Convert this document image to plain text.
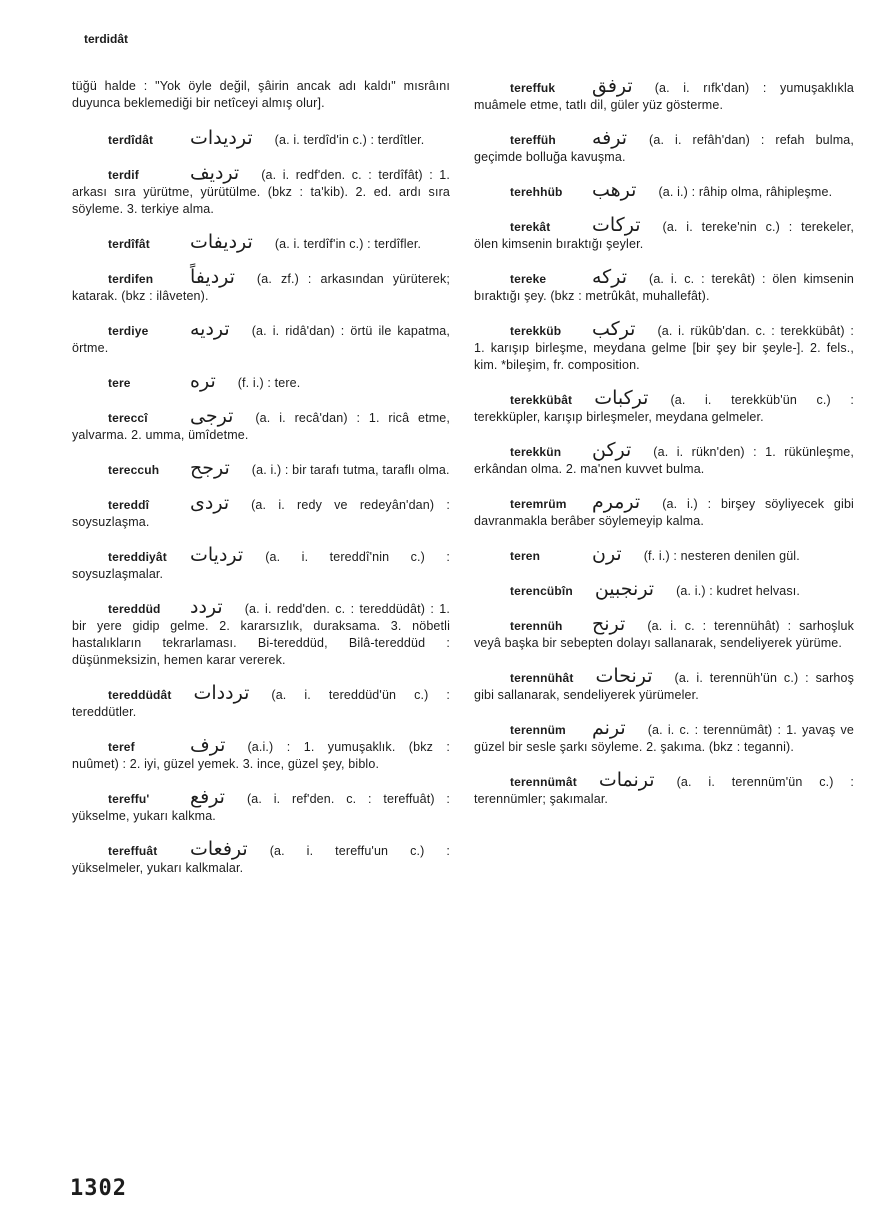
terdidât
tüğü halde : "Yok öyle değil, şâirin ancak adı kaldı" mısrâını duyunca beklemediği bir netîceyi almış olur].
terdîdât ترديدات (a. i. terdîd'in c.) : terdîtler.
terdif	ترديف (a. i. redf'den. c. : terdîfât) : 1. arkası sıra yürütme, yürütülme. (bkz : ta'kib). 2. ed. ardı sıra söyleme. 3. terkiye alma.
terdîfât ترديفات (a. i. terdîf'in c.) : terdîfler.
terdifen ترديفاً (a. zf.) : arkasından yürüterek; katarak. (bkz : ilâveten).
terdiye ترديه (a. i. ridâ'dan) : örtü ile kapatma, örtme.
tere	تره (f. i.) : tere.
tereccî ترجى (a. i. recâ'dan) : 1. ricâ etme, yalvarma. 2. umma, ümîdetme.
tereccuh ترجح (a. i.) : bir tarafı tutma, taraflı olma.
tereddî تردى (a. i. redy ve redeyân'dan) : soysuzlaşma.
tereddiyât ترديات (a. i. tereddî'nin c.) : soysuzlaşmalar.
tereddüd تردد (a. i. redd'den. c. : tereddüdât) : 1. bir yere gidip gelme. 2. kararsızlık, duraksama. 3. nöbetli hastalıkların tekrarlaması. Bi-tereddüd, Bilâ-tereddüd : düşünmeksizin, hemen karar vererek.
tereddüdât ترددات (a. i. tereddüd'ün c.) : tereddütler.
teref	ترف (a.i.) : 1. yumuşaklık. (bkz : nuûmet) : 2. iyi, güzel yemek. 3. ince, güzel şey, biblo.
tereffu' ترفع (a. i. ref'den. c. : tereffuât) : yükselme, yukarı kalkma.
tereffuât ترفعات (a. i. tereffu'un c.) : yükselmeler, yukarı kalkmalar.
tereffuk ترفق (a. i. rıfk'dan) : yumuşaklıkla muâmele etme, tatlı dil, güler yüz gösterme.
tereffüh ترفه (a. i. refâh'dan) : refah bulma, geçimde bolluğa kavuşma.
terehhüb ترهب (a. i.) : râhip olma, râhipleşme.
terekât تركات (a. i. tereke'nin c.) : terekeler, ölen kimsenin bıraktığı şeyler.
tereke تركه (a. i. c. : terekât) : ölen kimsenin bıraktığı şey. (bkz : metrûkât, muhallefât).
terekküb تركب (a. i. rükûb'dan. c. : terekkübât) : 1. karışıp birleşme, meydana gelme [bir şey bir şeyle-]. 2. fels., kim. *bileşim, fr. composition.
terekkübât تركبات (a. i. terekküb'ün c.) : terekküpler, karışıp birleşmeler, meydana gelmeler.
terekkün تركن (a. i. rükn'den) : 1. rükünleşme, erkândan olma. 2. ma'nen kuvvet bulma.
teremrüm ترمرم (a. i.) : birşey söyliyecek gibi davranmakla berâber söylemeyip kalma.
teren	ترن (f. i.) : nesteren denilen gül.
terencübîn ترنجبين (a. i.) : kudret helvası.
terennüh ترنح (a. i. c. : terennühât) : sarhoşluk veyâ başka bir sebepten dolayı sallanarak, sendeliyerek yürüme.
terennühât ترنحات (a. i. terennüh'ün c.) : sarhoş gibi sallanarak, sendeliyerek yürümeler.
terennüm ترنم (a. i. c. : terennümât) : 1. yavaş ve güzel bir sesle şarkı söyleme. 2. şakıma. (bkz : teganni).
terennümât ترنمات (a. i. terennüm'ün c.) : terennümler; şakımalar.
1302
